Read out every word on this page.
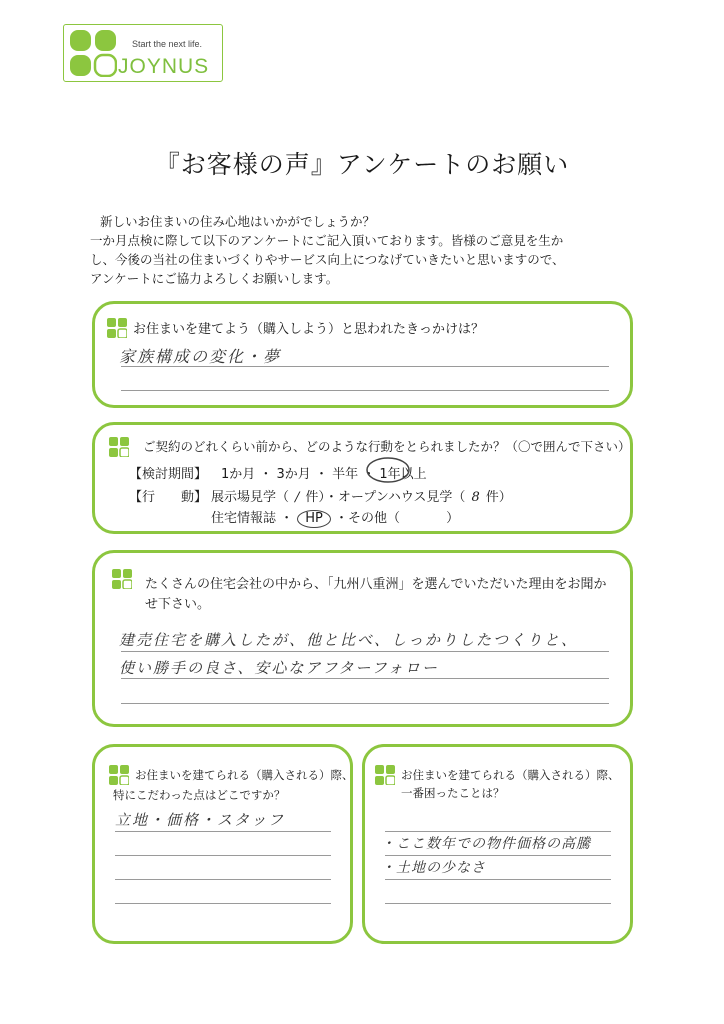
Start the next life.
JOYNUS
『お客様の声』アンケートのお願い
新しいお住まいの住み心地はいかがでしょうか？
一か月点検に際して以下のアンケートにご記入頂いております。皆様のご意見を生か
し、今後の当社の住まいづくりやサービス向上につなげていきたいと思いますので、
アンケートにご協力よろしくお願いします。
お住まいを建てよう（購入しよう）と思われたきっかけは？
家族構成の変化・夢
ご契約のどれくらい前から、どのような行動をとられましたか？（〇で囲んで下さい）
【検討期間】 1か月 ・ 3か月 ・ 半年 ・ 1年以上
【行 動】 展示場見学（ / 件）・オープンハウス見学（ 8 件）
住宅情報誌 ・ HP ・その他（	）
たくさんの住宅会社の中から、「九州八重洲」を選んでいただいた理由をお聞か
せ下さい。
建売住宅を購入したが、他と比べ、しっかりしたつくりと、
使い勝手の良さ、安心なアフターフォロー
お住まいを建てられる（購入される）際、
特にこだわった点はどこですか？
立地・価格・スタッフ
お住まいを建てられる（購入される）際、
一番困ったことは？
・ここ数年での物件価格の高騰
・土地の少なさ
